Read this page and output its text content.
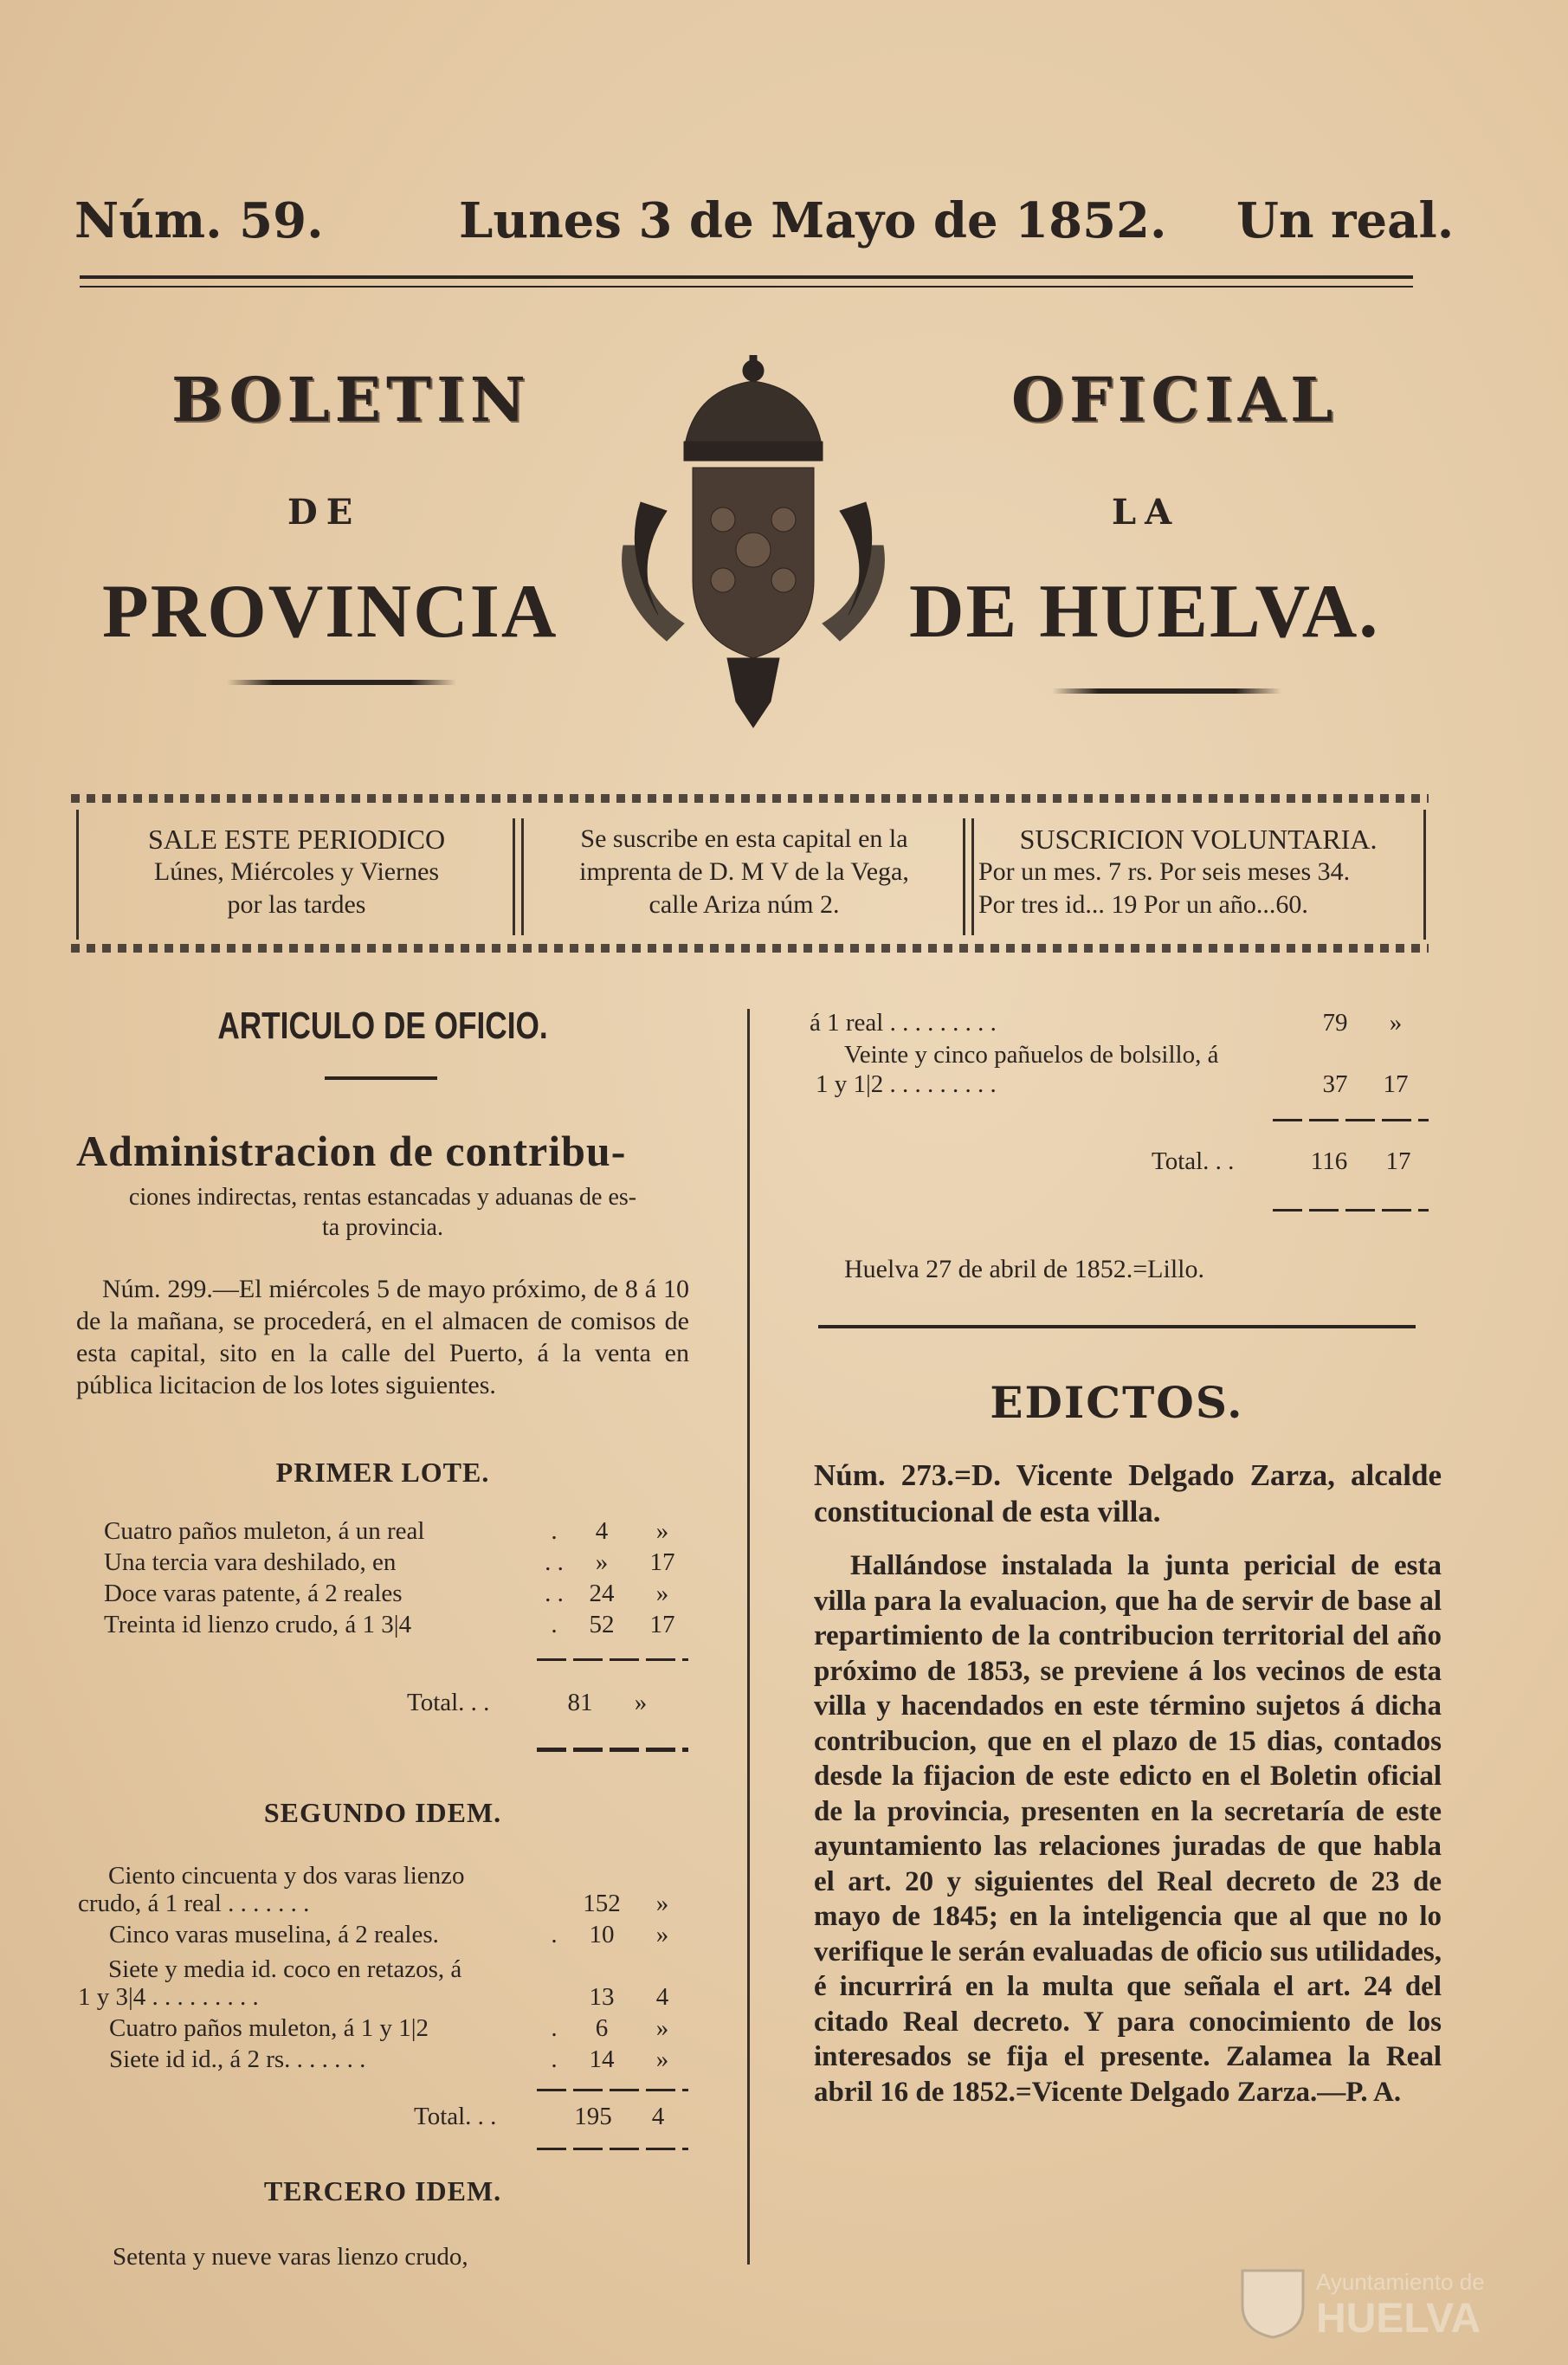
Núm. 59.	Lunes 3 de Mayo de 1852. Un real.
BOLETIN	OFICIAL
DE	LA
PROVINCIA	DE HUELVA.
SALE ESTE PERIODICO
Lúnes, Miércoles y Viernes
por las tardes
Se suscribe en esta capital en la
imprenta de D. M V de la Vega,
calle Ariza núm 2.
SUSCRICION VOLUNTARIA.
Por un mes. 7 rs. Por seis meses 34.
Por tres id... 19 Por un año...60.
ARTICULO DE OFICIO.
Administracion de contribu-
ciones indirectas, rentas estancadas y aduanas de es-
ta provincia.
Núm. 299.—El miércoles 5 de mayo próximo, de 8 á 10 de la mañana, se procederá, en el almacen de comisos de esta capital, sito en la calle del Puerto, á la venta en pública licitacion de los lotes siguientes.
PRIMER LOTE.
Cuatro paños muleton, á un real	.	4	»
Una tercia vara deshilado, en	. .	»	17
Doce varas patente, á 2 reales	. .	24	»
Treinta id lienzo crudo, á 1 3|4	.	52	17
Total. . .	81	»
SEGUNDO IDEM.
Ciento cincuenta y dos varas lienzo
crudo, á 1 real . . . . . . .		152	»
Cinco varas muselina, á 2 reales.	.	10	»
Siete y media id. coco en retazos, á
1 y 3|4 . . . . . . . . .		13	4
Cuatro paños muleton, á 1 y 1|2	.	6	»
Siete id id., á 2 rs. . . . . . .	.	14	»
Total. . .	195	4
TERCERO IDEM.
Setenta y nueve varas lienzo crudo,
á 1 real . . . . . . . . .	79	»
Veinte y cinco pañuelos de bolsillo, á
1 y 1|2 . . . . . . . . .	37	17
Total. . .	116	17
Huelva 27 de abril de 1852.=Lillo.
EDICTOS.
Núm. 273.=D. Vicente Delgado Zarza, alcalde constitucional de esta villa.
Hallándose instalada la junta pericial de esta villa para la evaluacion, que ha de servir de base al repartimiento de la contribucion territorial del año próximo de 1853, se previene á los vecinos de esta villa y hacendados en este término sujetos á dicha contribucion, que en el plazo de 15 dias, contados desde la fijacion de este edicto en el Boletin oficial de la provincia, presenten en la secretaría de este ayuntamiento las relaciones juradas de que habla el art. 20 y siguientes del Real decreto de 23 de mayo de 1845; en la inteligencia que al que no lo verifique le serán evaluadas de oficio sus utilidades, é incurrirá en la multa que señala el art. 24 del citado Real decreto. Y para conocimiento de los interesados se fija el presente. Zalamea la Real abril 16 de 1852.=Vicente Delgado Zarza.—P. A.
Ayuntamiento de
HUELVA
